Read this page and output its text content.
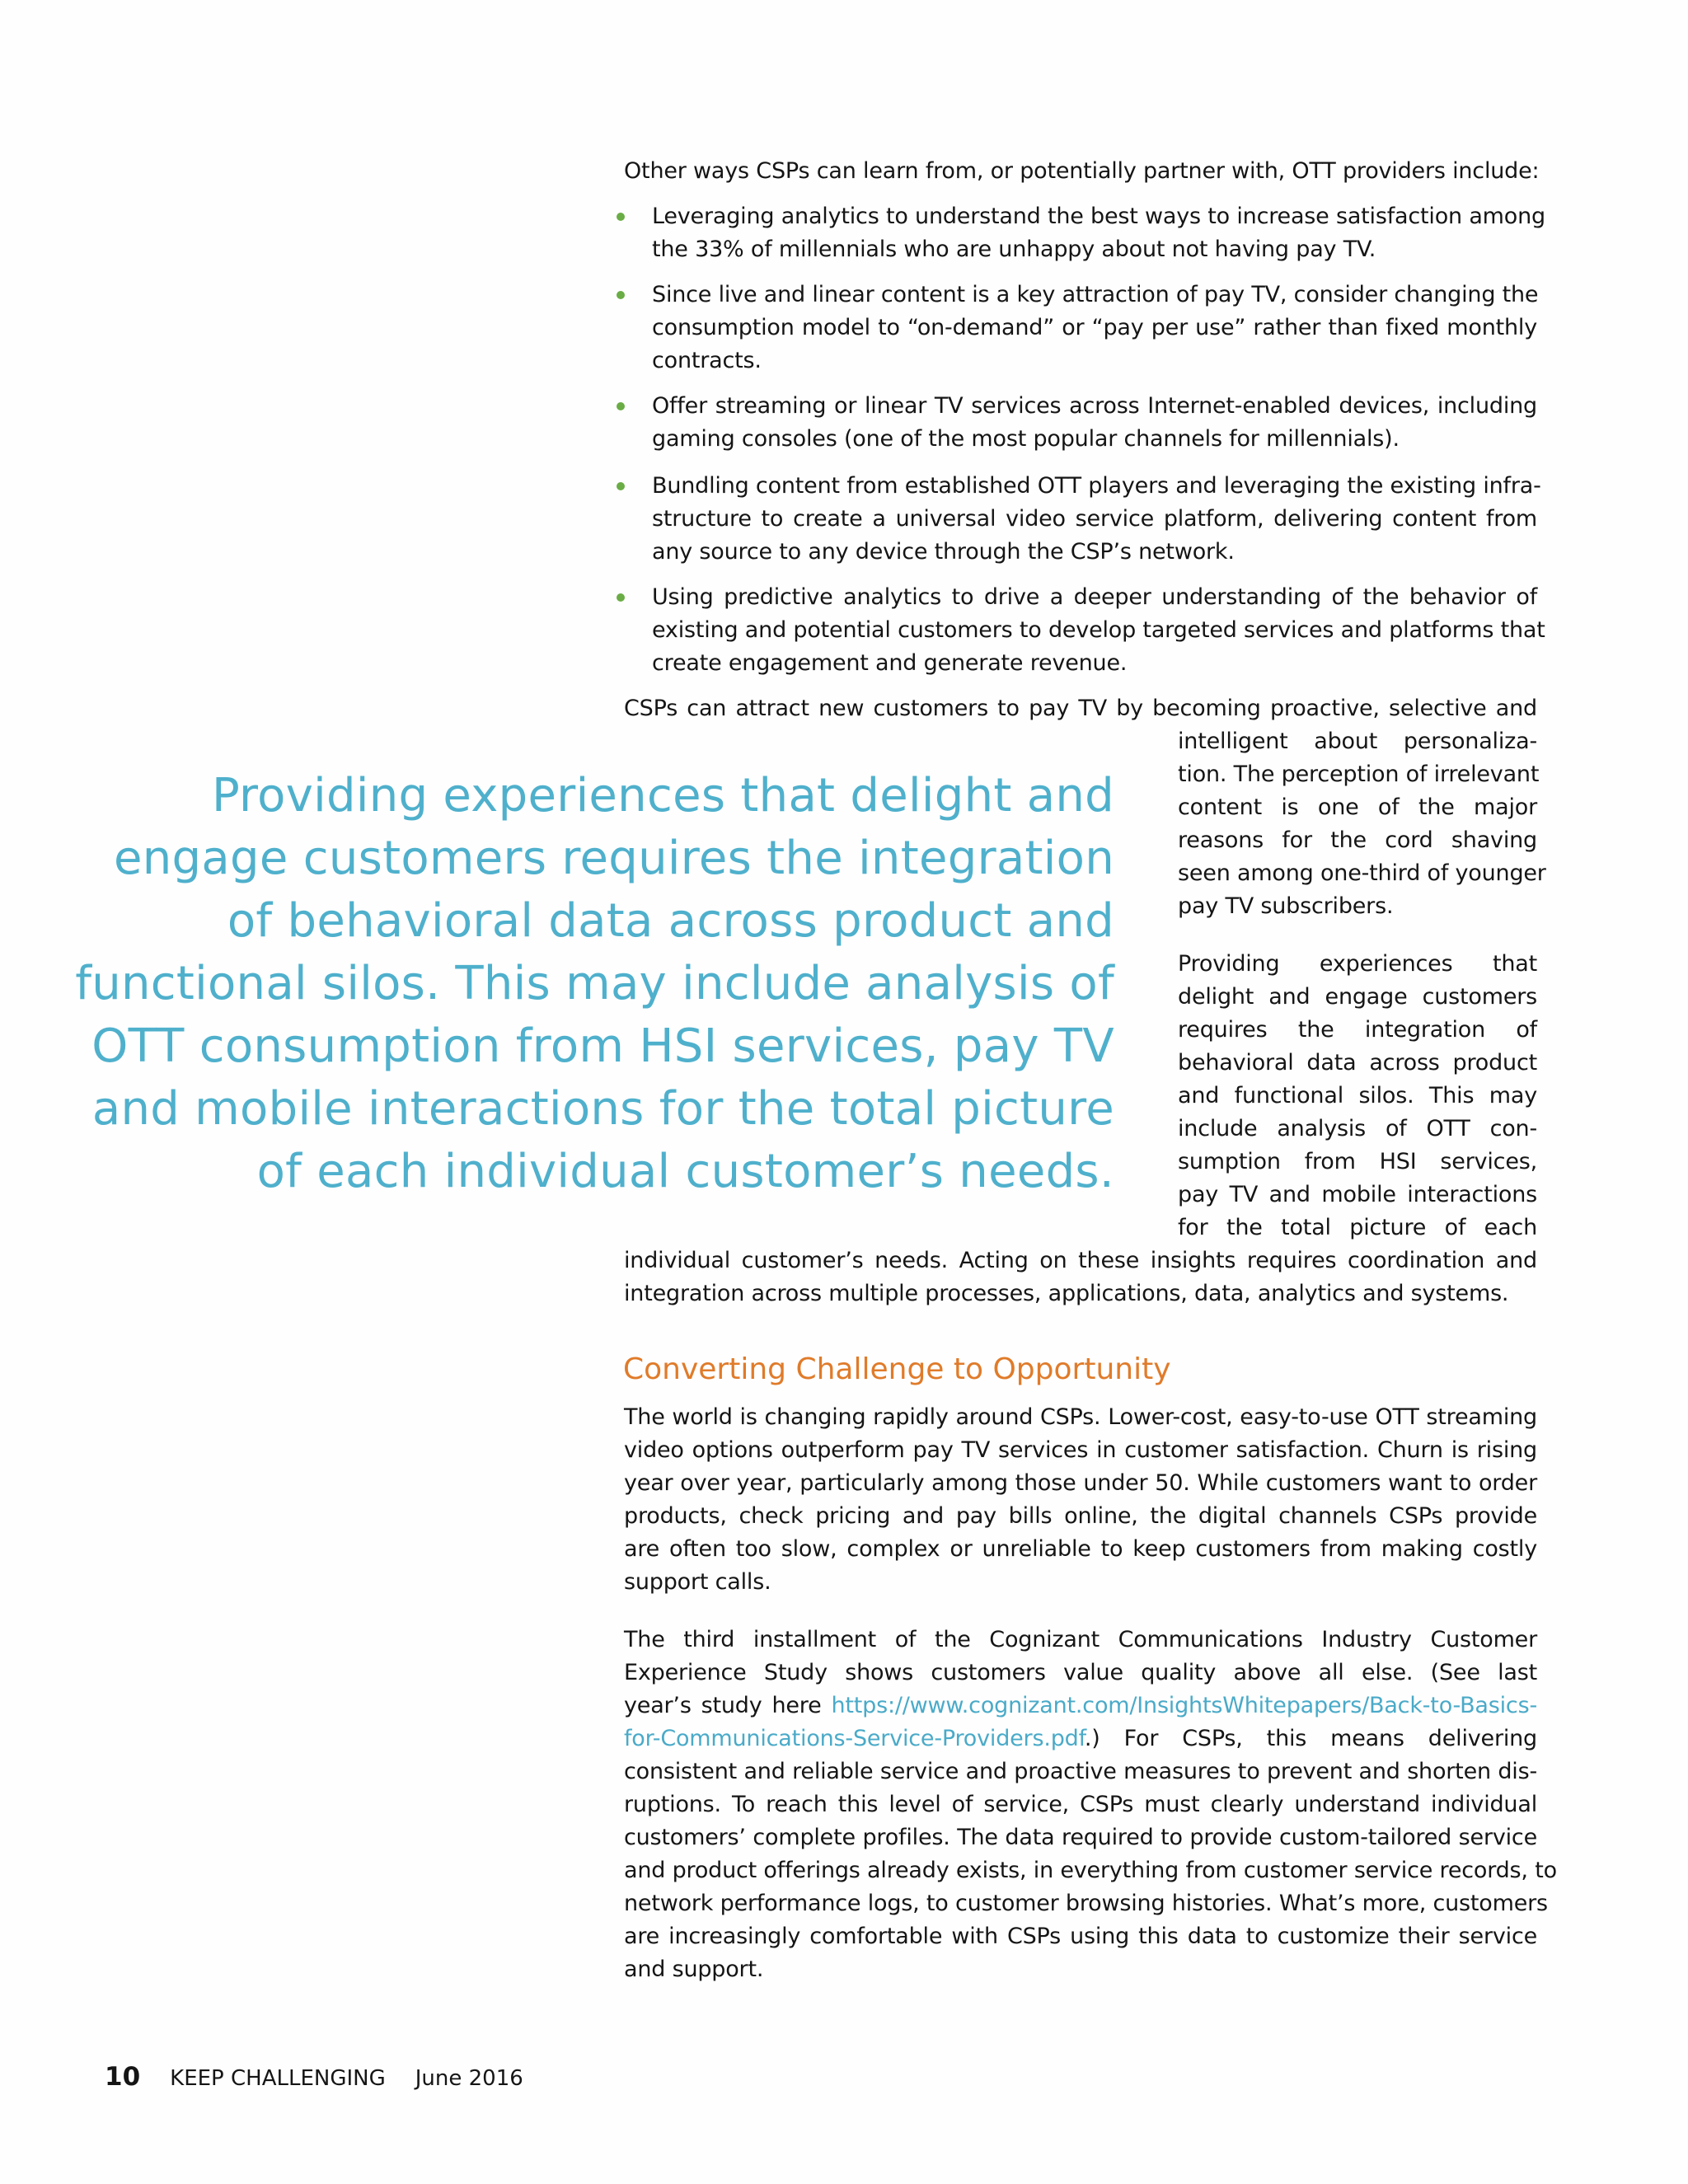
Other ways CSPs can learn from, or potentially partner with, OTT providers include:
Leveraging analytics to understand the best ways to increase satisfaction among
the 33% of millennials who are unhappy about not having pay TV.
Since live and linear content is a key attraction of pay TV, consider changing the
consumption model to “on-demand” or “pay per use” rather than fixed monthly
contracts.
Offer streaming or linear TV services across Internet-enabled devices, including
gaming consoles (one of the most popular channels for millennials).
Bundling content from established OTT players and leveraging the existing infra-
structure to create a universal video service platform, delivering content from
any source to any device through the CSP’s network.
Using predictive analytics to drive a deeper understanding of the behavior of
existing and potential customers to develop targeted services and platforms that
create engagement and generate revenue.
CSPs can attract new customers to pay TV by becoming proactive, selective and
intelligent about personaliza-
tion. The perception of irrelevant
content is one of the major
reasons for the cord shaving
seen among one-third of younger
pay TV subscribers.
Providing experiences that
delight and engage customers
requires the integration of
behavioral data across product
and functional silos. This may
include analysis of OTT con-
sumption from HSI services,
pay TV and mobile interactions
for the total picture of each
individual customer’s needs. Acting on these insights requires coordination and
integration across multiple processes, applications, data, analytics and systems.
Providing experiences that delight and
engage customers requires the integration
of behavioral data across product and
functional silos. This may include analysis of
OTT consumption from HSI services, pay TV
and mobile interactions for the total picture
of each individual customer’s needs.
Converting Challenge to Opportunity
The world is changing rapidly around CSPs. Lower-cost, easy-to-use OTT streaming
video options outperform pay TV services in customer satisfaction. Churn is rising
year over year, particularly among those under 50. While customers want to order
products, check pricing and pay bills online, the digital channels CSPs provide
are often too slow, complex or unreliable to keep customers from making costly
support calls.
The third installment of the Cognizant Communications Industry Customer
Experience Study shows customers value quality above all else. (See last
year’s study here https://www.cognizant.com/InsightsWhitepapers/Back-to-Basics-
for-Communications-Service-Providers.pdf.) For CSPs, this means delivering
consistent and reliable service and proactive measures to prevent and shorten dis-
ruptions. To reach this level of service, CSPs must clearly understand individual
customers’ complete profiles. The data required to provide custom-tailored service
and product offerings already exists, in everything from customer service records, to
network performance logs, to customer browsing histories. What’s more, customers
are increasingly comfortable with CSPs using this data to customize their service
and support.
10 KEEP CHALLENGING June 2016
